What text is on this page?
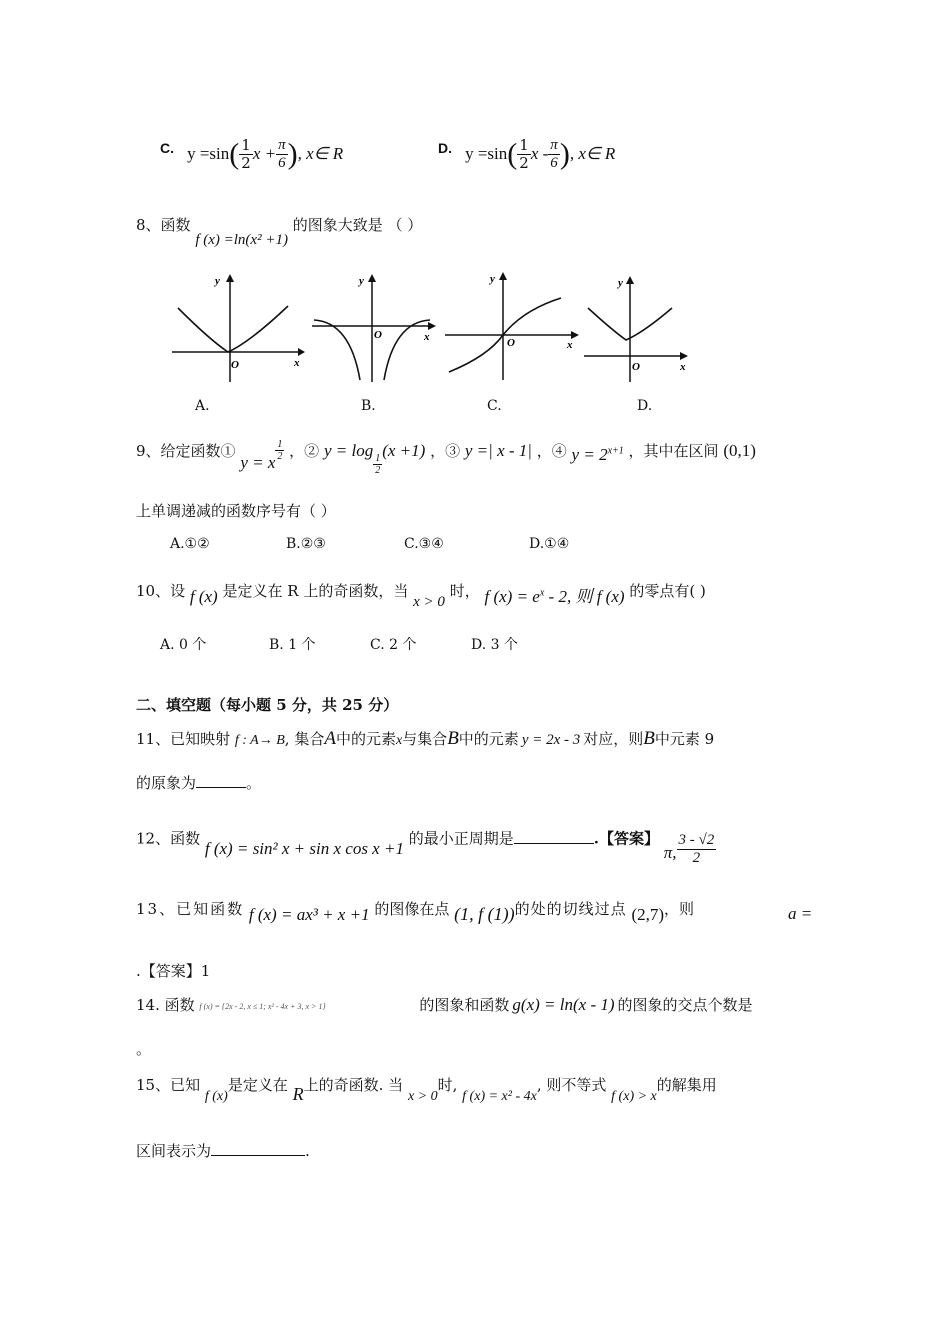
C. $y =\sin( \frac{1}{2}$ $x + \frac{\pi}{6}$ ), x∈ R	D. $y =\sin( \frac{1}{2}$ x - $\frac{\pi}{6}$ ), x∈ R
8、函数 f (x) =ln(x² +1) 的图象大致是 （ ）
y
x
O
y
x
O
y
x
O
y
x
O
A.	B.	C.	D.
9、给定函数① y = x
$\frac{1}{2}$ ，② y = log
$\frac{1}{2}$
(x +1) ，③ y =| x - 1| ，④ $y = 2^{x+1}$ ，其中在区间 (0,1)
上单调递减的函数序号有（ ）
A.①②	B.②③	C.③④	D.①④
10、设 f (x) 是定义在 R 上的奇函数，当 x > 0 时， f $(x) = e^x - 2$, 则 f (x) 的零点有( )
A. 0 个	B. 1 个	C. 2 个	D. 3 个
二、填空题（每小题 5 分，共 25 分）
11、已知映射 f : A→ B, 集合A中的元素x与集合B中的元素 y = 2x - 3 对应，则B中元素 9
的原象为	。
12、函数 f (x) = sin² x + sin x cos x +1 的最小正周期是	.【答案】 π, $\frac{3 - √2}{2}$
13、已知函数 f (x) = ax³ + x +1 的图像在点 (1, f (1))的处的切线过点 (2,7)，则	a =
.【答案】1
14. 函数 f (x) = {2x - 2, x ≤ 1; x² - 4x + 3, x > 1}	的图象和函数 g(x) = ln(x - 1) 的图象的交点个数是
。
15、已知 f (x)是定义在 R上的奇函数. 当 x > 0时, f (x) = x² - 4x, 则不等式 f (x) > x的解集用
区间表示为	.
